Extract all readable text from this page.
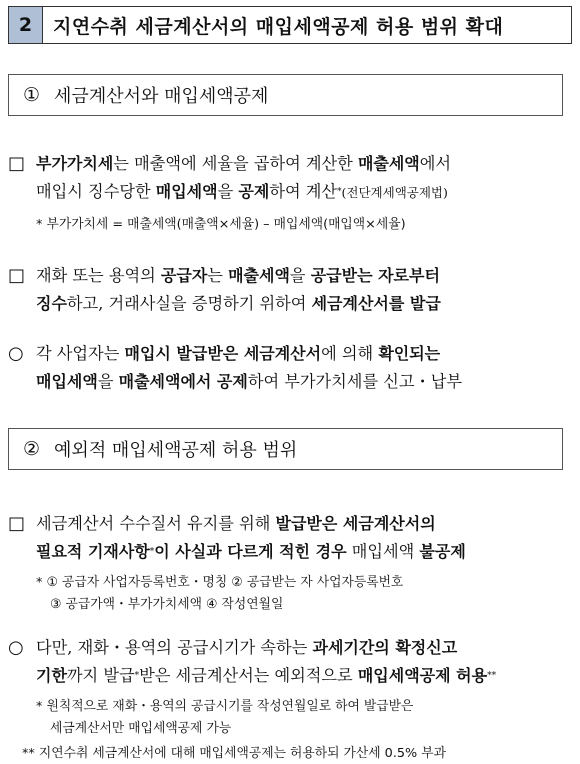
2	지연수취 세금계산서의 매입세액공제 허용 범위 확대
① 세금계산서와 매입세액공제
□ 부가가치세는 매출액에 세율을 곱하여 계산한 매출세액에서
매입시 징수당한 매입세액을 공제하여 계산*(전단계세액공제법)
* 부가가치세 = 매출세액(매출액×세율) – 매입세액(매입액×세율)
□ 재화 또는 용역의 공급자는 매출세액을 공급받는 자로부터
징수하고, 거래사실을 증명하기 위하여 세금계산서를 발급
○ 각 사업자는 매입시 발급받은 세금계산서에 의해 확인되는
매입세액을 매출세액에서 공제하여 부가가치세를 신고・납부
② 예외적 매입세액공제 허용 범위
□ 세금계산서 수수질서 유지를 위해 발급받은 세금계산서의
필요적 기재사항*이 사실과 다르게 적힌 경우 매입세액 불공제
* ① 공급자 사업자등록번호・명칭 ② 공급받는 자 사업자등록번호
③ 공급가액・부가가치세액 ④ 작성연월일
○ 다만, 재화・용역의 공급시기가 속하는 과세기간의 확정신고
기한까지 발급*받은 세금계산서는 예외적으로 매입세액공제 허용**
* 원칙적으로 재화・용역의 공급시기를 작성연월일로 하여 발급받은
세금계산서만 매입세액공제 가능
** 지연수취 세금계산서에 대해 매입세액공제는 허용하되 가산세 0.5% 부과
